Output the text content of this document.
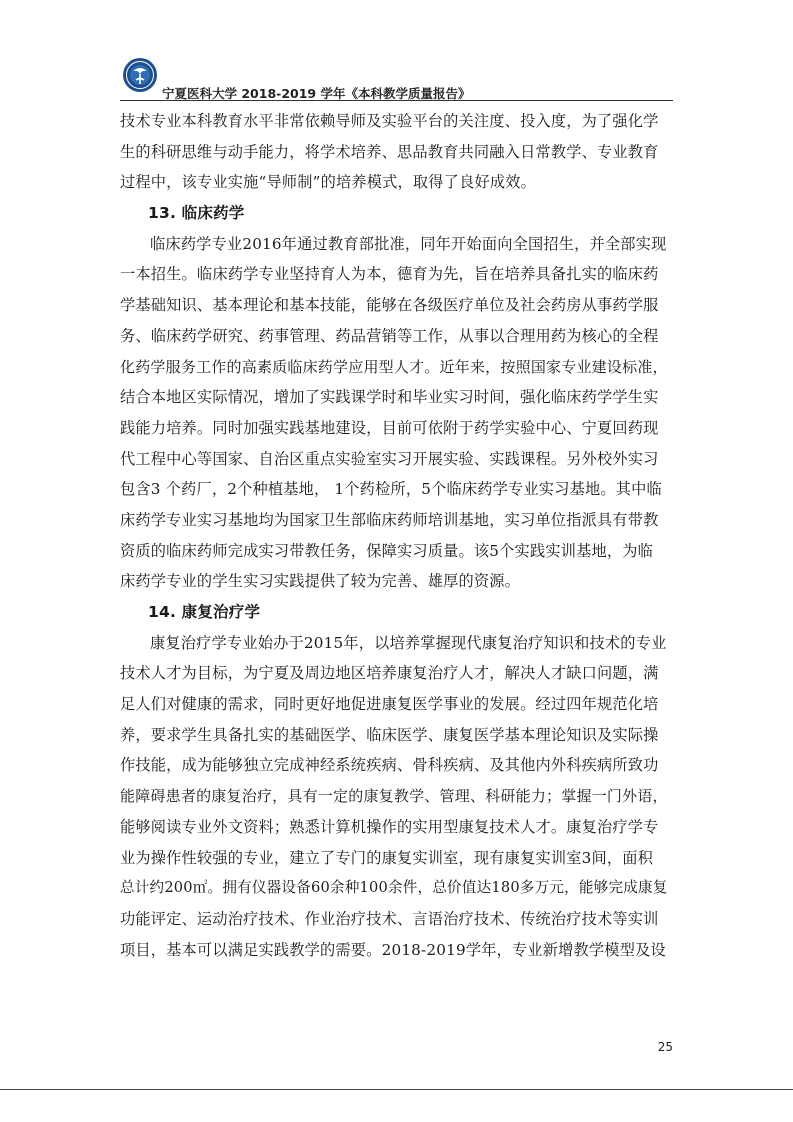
宁夏医科大学 2018-2019 学年《本科教学质量报告》
技术专业本科教育水平非常依赖导师及实验平台的关注度、投入度，为了强化学
生的科研思维与动手能力，将学术培养、思品教育共同融入日常教学、专业教育
过程中，该专业实施“导师制”的培养模式，取得了良好成效。
13. 临床药学
临床药学专业2016年通过教育部批准，同年开始面向全国招生，并全部实现
一本招生。临床药学专业坚持育人为本，德育为先，旨在培养具备扎实的临床药
学基础知识、基本理论和基本技能，能够在各级医疗单位及社会药房从事药学服
务、临床药学研究、药事管理、药品营销等工作，从事以合理用药为核心的全程
化药学服务工作的高素质临床药学应用型人才。近年来，按照国家专业建设标准，
结合本地区实际情况，增加了实践课学时和毕业实习时间，强化临床药学学生实
践能力培养。同时加强实践基地建设，目前可依附于药学实验中心、宁夏回药现
代工程中心等国家、自治区重点实验室实习开展实验、实践课程。另外校外实习
包含3 个药厂，2个种植基地， 1个药检所，5个临床药学专业实习基地。其中临
床药学专业实习基地均为国家卫生部临床药师培训基地，实习单位指派具有带教
资质的临床药师完成实习带教任务，保障实习质量。该5个实践实训基地，为临
床药学专业的学生实习实践提供了较为完善、雄厚的资源。
14. 康复治疗学
康复治疗学专业始办于2015年，以培养掌握现代康复治疗知识和技术的专业
技术人才为目标，为宁夏及周边地区培养康复治疗人才，解决人才缺口问题，满
足人们对健康的需求，同时更好地促进康复医学事业的发展。经过四年规范化培
养，要求学生具备扎实的基础医学、临床医学、康复医学基本理论知识及实际操
作技能，成为能够独立完成神经系统疾病、骨科疾病、及其他内外科疾病所致功
能障碍患者的康复治疗，具有一定的康复教学、管理、科研能力；掌握一门外语，
能够阅读专业外文资料；熟悉计算机操作的实用型康复技术人才。康复治疗学专
业为操作性较强的专业，建立了专门的康复实训室，现有康复实训室3间，面积
总计约200㎡。拥有仪器设备60余种100余件，总价值达180多万元，能够完成康复
功能评定、运动治疗技术、作业治疗技术、言语治疗技术、传统治疗技术等实训
项目，基本可以满足实践教学的需要。2018-2019学年，专业新增教学模型及设
25
